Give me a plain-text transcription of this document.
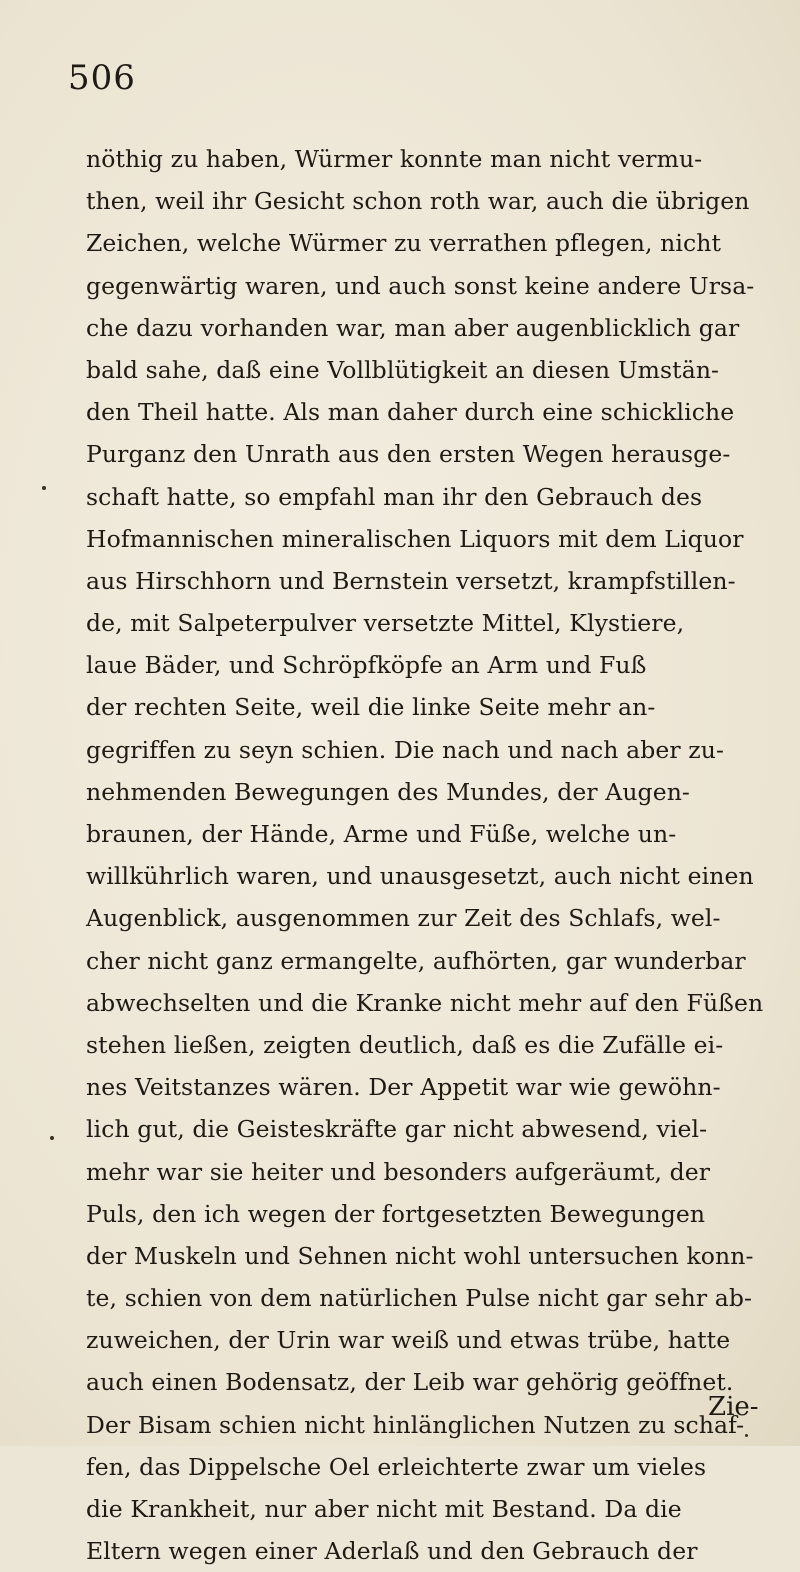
506
nöthig zu haben, Würmer konnte man nicht vermu-
then, weil ihr Gesicht schon roth war, auch die übrigen
Zeichen, welche Würmer zu verrathen pflegen, nicht
gegenwärtig waren, und auch sonst keine andere Ursa-
che dazu vorhanden war, man aber augenblicklich gar
bald sahe, daß eine Vollblütigkeit an diesen Umstän-
den Theil hatte. Als man daher durch eine schickliche
Purganz den Unrath aus den ersten Wegen herausge-
schaft hatte, so empfahl man ihr den Gebrauch des
Hofmannischen mineralischen Liquors mit dem Liquor
aus Hirschhorn und Bernstein versetzt, krampfstillen-
de, mit Salpeterpulver versetzte Mittel, Klystiere,
laue Bäder, und Schröpfköpfe an Arm und Fuß
der rechten Seite, weil die linke Seite mehr an-
gegriffen zu seyn schien. Die nach und nach aber zu-
nehmenden Bewegungen des Mundes, der Augen-
braunen, der Hände, Arme und Füße, welche un-
willkührlich waren, und unausgesetzt, auch nicht einen
Augenblick, ausgenommen zur Zeit des Schlafs, wel-
cher nicht ganz ermangelte, aufhörten, gar wunderbar
abwechselten und die Kranke nicht mehr auf den Füßen
stehen ließen, zeigten deutlich, daß es die Zufälle ei-
nes Veitstanzes wären. Der Appetit war wie gewöhn-
lich gut, die Geisteskräfte gar nicht abwesend, viel-
mehr war sie heiter und besonders aufgeräumt, der
Puls, den ich wegen der fortgesetzten Bewegungen
der Muskeln und Sehnen nicht wohl untersuchen konn-
te, schien von dem natürlichen Pulse nicht gar sehr ab-
zuweichen, der Urin war weiß und etwas trübe, hatte
auch einen Bodensatz, der Leib war gehörig geöffnet.
Der Bisam schien nicht hinlänglichen Nutzen zu schaf-
fen, das Dippelsche Oel erleichterte zwar um vieles
die Krankheit, nur aber nicht mit Bestand. Da die
Eltern wegen einer Aderlaß und den Gebrauch der
Zie-
